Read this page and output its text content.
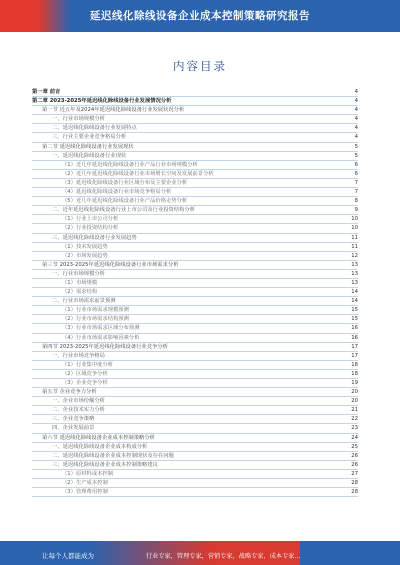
延迟线化除线设备企业成本控制策略研究报告
内容目录
第一章 前言	4
第二章 2023-2025年延迟线化除线设备行业发展情况分析	4
第一节 近五年及2024年延迟线化除线设备行业发展状况分析	4
一、行业市场规模分析	4
二、延迟线化除线设备行业发展特点	4
三、行业主要企业竞争格局分析	4
第二节 延迟线化除线设备行业发展现状	5
一、延迟线化除线设备行业现状	5
（1）近几年延迟线化除线设备行业产品行业市场规模分析	6
（2）近几年延迟线化除线设备行业市场增长空间及发展前景分析	6
（3）延迟线化除线设备行业区域分布及主要企业分析	7
（4）延迟线化除线设备行业市场竞争格局分析	7
（5）近几年延迟线化除线设备行业产品价格走势分析	8
二、近年延迟线化除线设备行业上市公司及行业投资结构分析	9
（1）行业上市公司分析	10
（2）行业投资结构分析	10
三、延迟线化除线设备行业发展趋势	11
（1）技术发展趋势	11
（2）市场发展趋势	12
第三节 2023-2025年延迟线化除线设备行业市场需求分析	13
一、行业市场规模分析	13
（1）市场规模	13
（2）需求结构	14
二、行业市场需求前景预测	14
（1）行业市场需求规模预测	15
（2）行业市场需求结构预测	15
（3）行业市场需求区域分布预测	16
（4）行业市场需求影响因素分析	16
第四节 2023-2025年延迟线化除线设备行业竞争分析	17
一、行业市场竞争格局	17
（1）行业集中度分析	18
（2）区域竞争分析	18
（3）企业竞争分析	19
第五节 企业竞争力分析	20
一、企业市场份额分析	20
二、企业技术实力分析	21
三、企业竞争策略	22
四、企业发展前景	23
第六节 延迟线化除线设备企业成本控制策略分析	24
一、延迟线化除线设备企业成本构成分析	25
二、延迟线化除线设备企业成本控制现状及存在问题	26
三、延迟线化除线设备企业成本控制策略建议	26
（1）原材料成本控制	27
（2）生产成本控制	28
（3）管理费用控制	28
让每个人都能成为	行业专家，管理专家，营销专家，战略专家，成本专家…
